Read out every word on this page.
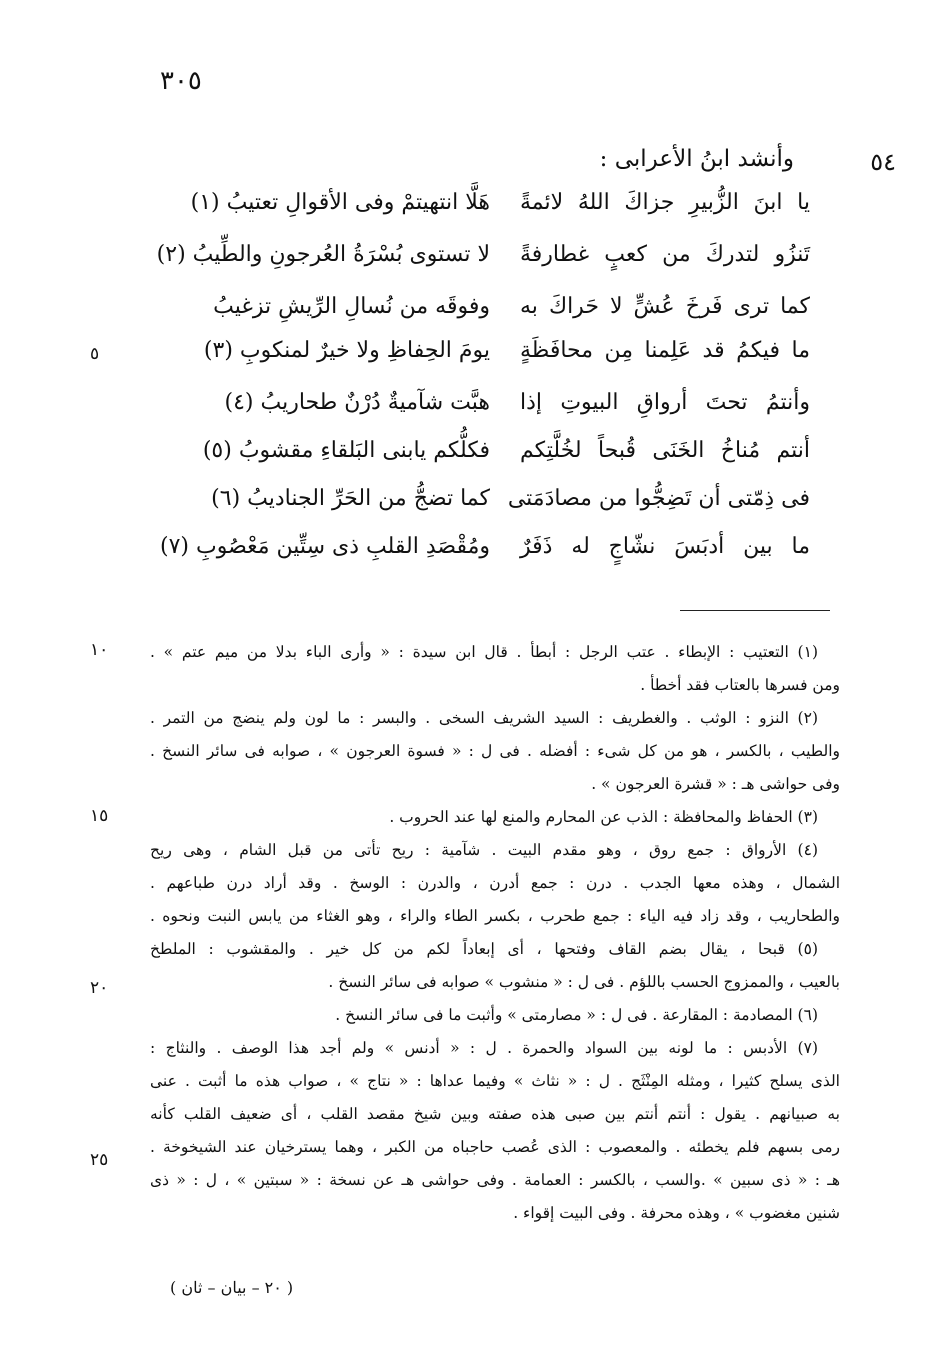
٣٠٥
٥٤
وأنشد ابنُ الأعرابى :
يا ابنَ الزُّبيرِ جزاكَ اللهُ لائمةً
هَلَّا انتهيتمْ وفى الأقوالِ تعتيبُ (١)
تَنزُو لتدركَ من كعبٍ غطارفةً
لا تستوى بُسْرَةُ العُرجونِ والطِّيبُ (٢)
كما ترى فَرخَ عُشٍّ لا حَراكَ به
وفوقَه من نُسالِ الرِّيشِ تزغيبُ
ما فيكمُ قد عَلِمنا مِن محافَظَةٍ
يومَ الحِفاظِ ولا خيرٌ لمنكوبِ (٣)
وأنتمُ تحتَ أرواقِ البيوتِ إذا
هبَّت شآميةٌ دُرْنٌ طحاريبُ (٤)
أنتم مُناخُ الخَنَى قُبحاً لخُلَّتِكم
فكلُّكم يابنى البَلقاءِ مقشوبُ (٥)
فى ذِمّتى أن تَضِجُّوا من مصادَمَتى
كما تضجُّ من الحَرِّ الجناديبُ (٦)
ما بين أدبَسَ نشّاجٍ له ذَفَرٌ
ومُقْصَدِ القلبِ ذى سِتِّين مَعْصُوبِ (٧)
٥
١٠
١٥
٢٠
٢٥
(١) التعتيب : الإبطاء . عتب الرجل : أبطأ . قال ابن سيدة : « وأرى الباء بدلا من ميم عتم » .
ومن فسرها بالعتاب فقد أخطأ .
(٢) النزو : الوثب . والغطريف : السيد الشريف السخى . والبسر : ما لون ولم ينضج من التمر .
والطيب ، بالكسر ، هو من كل شىء : أفضله . فى ل : « فسوة العرجون » ، صوابه فى سائر النسخ .
وفى حواشى هـ : « قشرة العرجون » .
(٣) الحفاظ والمحافظة : الذب عن المحارم والمنع لها عند الحروب .
(٤) الأرواق : جمع روق ، وهو مقدم البيت . شآمية : ريح تأتى من قبل الشام ، وهى ريح
الشمال ، وهذه معها الجدب . درن : جمع أدرن ، والدرن : الوسخ . وقد أراد درن طباعهم .
والطحاريب ، وقد زاد فيه الياء : جمع طحرب ، بكسر الطاء والراء ، وهو الغثاء من يابس النبت ونحوه .
(٥) قبحا ، يقال بضم القاف وفتحها ، أى إبعاداً لكم من كل خير . والمقشوب : الملطخ
بالعيب ، والممزوج الحسب باللؤم . فى ل : « منشوب » صوابه فى سائر النسخ .
(٦) المصادمة : المقارعة . فى ل : « مصارمتى » وأثبت ما فى سائر النسخ .
(٧) الأدبس : ما لونه بين السواد والحمرة . ل : « أدنس » ولم أجد هذا الوصف . والنثاج :
الذى يسلح كثيرا ، ومثله المِنْثَج . ل : « نثاث » وفيما عداها : « نتاج » ، صواب هذه ما أثبت . عنى
به صبيانهم . يقول : أنتم أنتم بين صبى هذه صفته وبين شيخ مقصد القلب ، أى ضعيف القلب كأنه
رمى بسهم فلم يخطئه . والمعصوب : الذى عُصب حاجباه من الكبر ، وهما يسترخيان عند الشيخوخة .
هـ : « ذى سبين » .والسب ، بالكسر : العمامة . وفى حواشى هـ عن نسخة : « سبتين » ، ل : « ذى
شنين مغضوب » ، وهذه محرفة . وفى البيت إقواء .
( ٢٠ – بيان – ثان )
